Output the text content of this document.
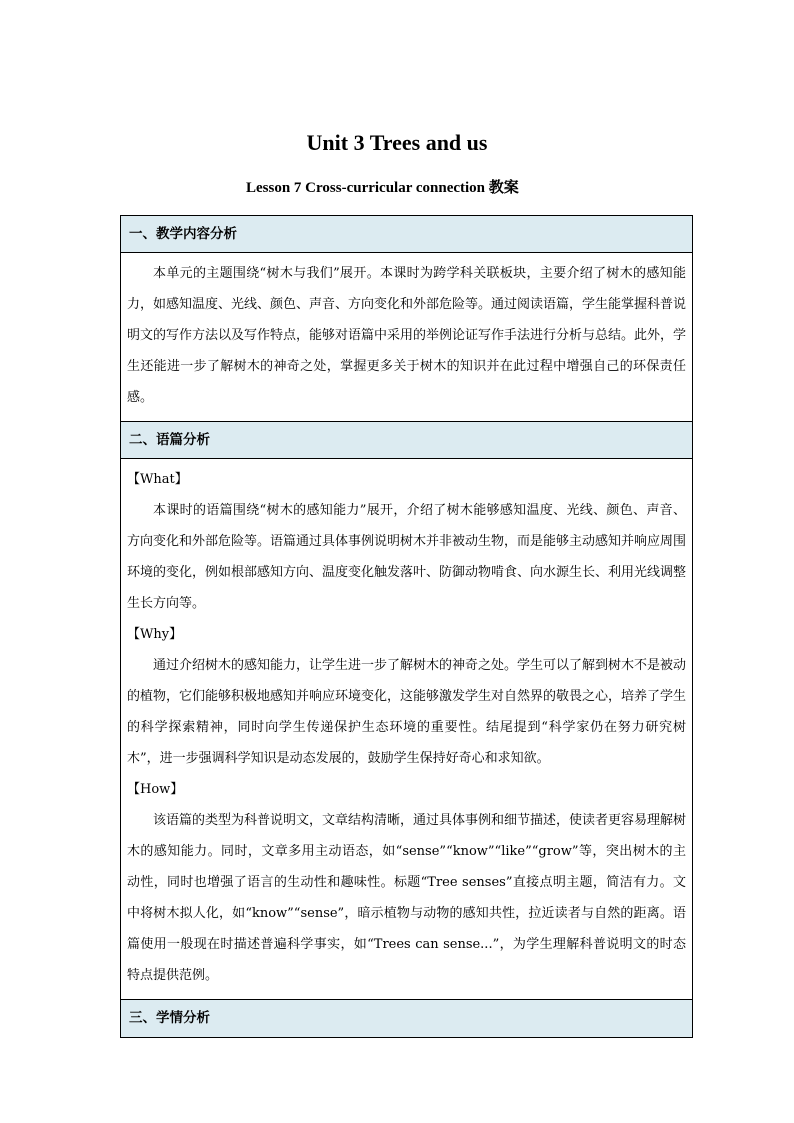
Unit 3 Trees and us
Lesson 7 Cross-curricular connection 教案
一、教学内容分析

本单元的主题围绕“树木与我们”展开。本课时为跨学科关联板块，主要介绍了树木的感知能力，如感知温度、光线、颜色、声音、方向变化和外部危险等。通过阅读语篇，学生能掌握科普说明文的写作方法以及写作特点，能够对语篇中采用的举例论证写作手法进行分析与总结。此外，学生还能进一步了解树木的神奇之处，掌握更多关于树木的知识并在此过程中增强自己的环保责任感。

二、语篇分析

【What】

本课时的语篇围绕“树木的感知能力”展开，介绍了树木能够感知温度、光线、颜色、声音、方向变化和外部危险等。语篇通过具体事例说明树木并非被动生物，而是能够主动感知并响应周围环境的变化，例如根部感知方向、温度变化触发落叶、防御动物啃食、向水源生长、利用光线调整生长方向等。

【Why】

通过介绍树木的感知能力，让学生进一步了解树木的神奇之处。学生可以了解到树木不是被动的植物，它们能够积极地感知并响应环境变化，这能够激发学生对自然界的敬畏之心，培养了学生的科学探索精神，同时向学生传递保护生态环境的重要性。结尾提到“科学家仍在努力研究树木”，进一步强调科学知识是动态发展的，鼓励学生保持好奇心和求知欲。

【How】

该语篇的类型为科普说明文，文章结构清晰，通过具体事例和细节描述，使读者更容易理解树木的感知能力。同时，文章多用主动语态，如“sense”“know”“like”“grow”等，突出树木的主动性，同时也增强了语言的生动性和趣味性。标题“Tree senses”直接点明主题，简洁有力。文中将树木拟人化，如“know”“sense”，暗示植物与动物的感知共性，拉近读者与自然的距离。语篇使用一般现在时描述普遍科学事实，如“Trees can sense...”，为学生理解科普说明文的时态特点提供范例。

三、学情分析
